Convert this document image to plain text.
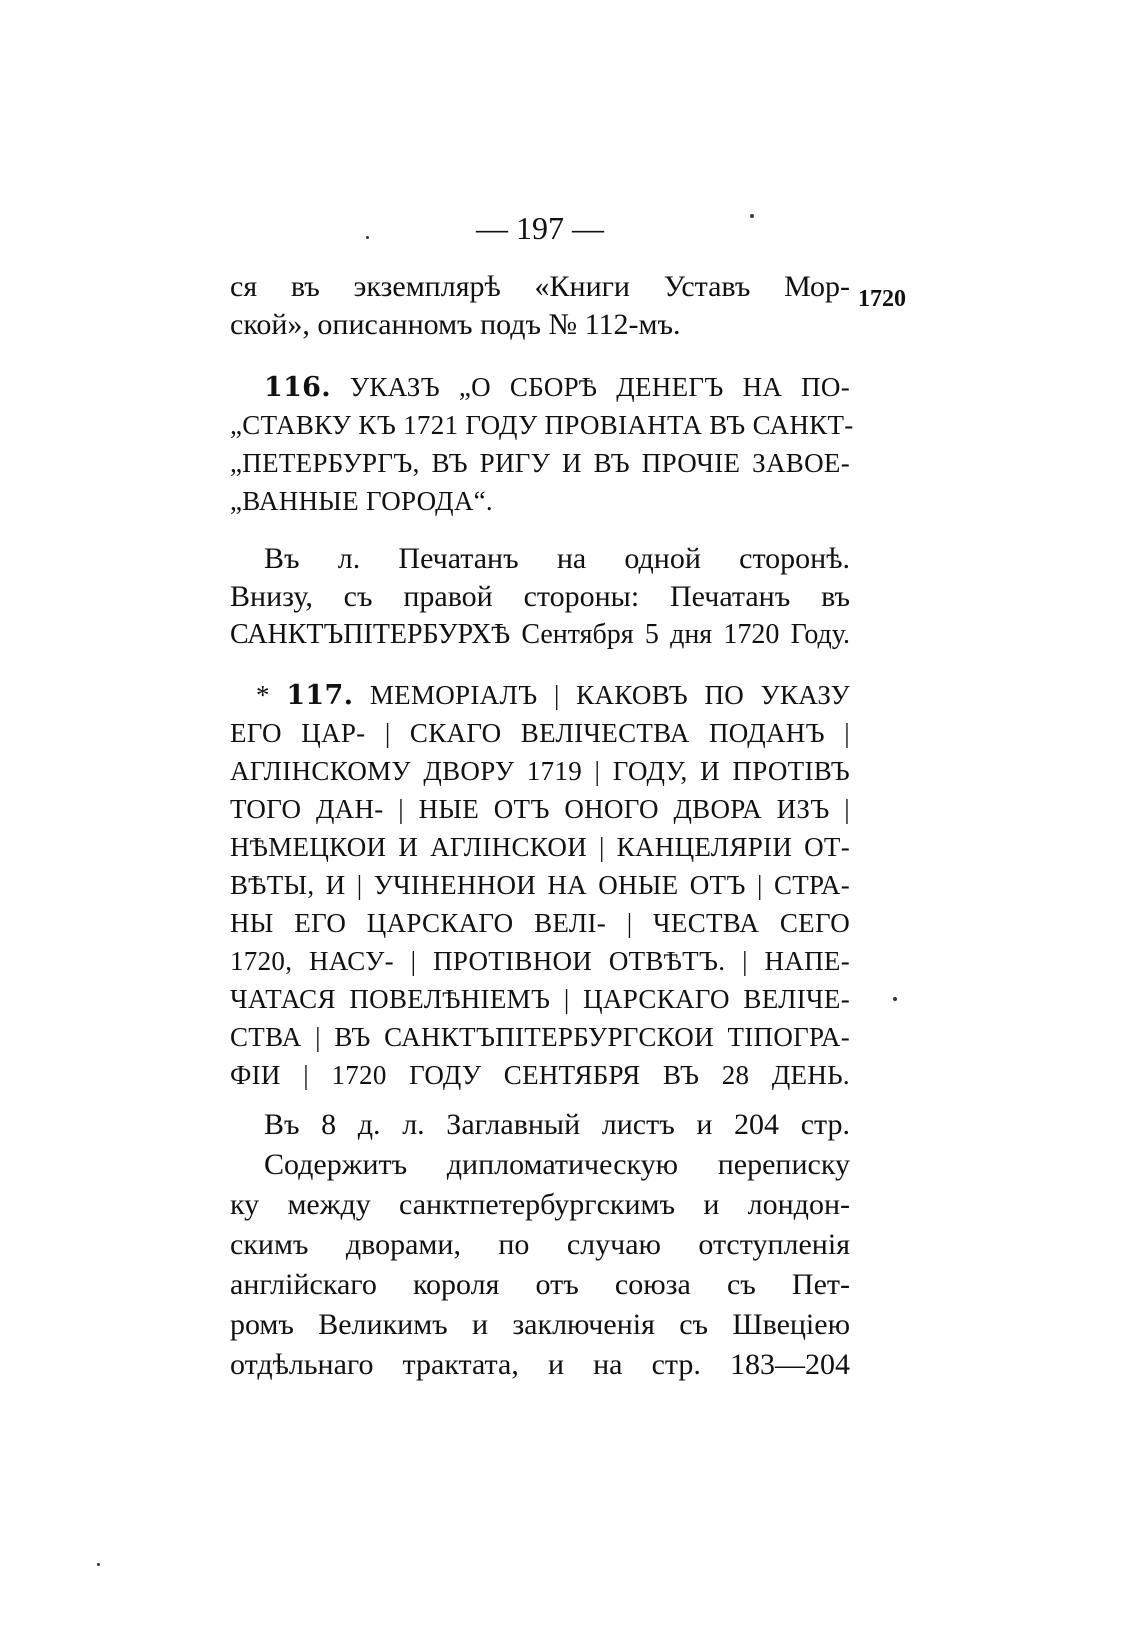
— 197 —
1720
ся въ экземплярѣ «Книги Уставъ Мор-
ской», описанномъ подъ № 112-мъ.
116. УКАЗЪ „О СБОРѢ ДЕНЕГЪ НА ПО-
„СТАВКУ КЪ 1721 ГОДУ ПРОВІАНТА ВЪ САНКТ-
„ПЕТЕРБУРГЪ, ВЪ РИГУ И ВЪ ПРОЧІЕ ЗАВОЕ-
„ВАННЫЕ ГОРОДА“.
Въ л. Печатанъ на одной сторонѣ.
Внизу, съ правой стороны: Печатанъ въ
САНКТЪПІТЕРБУРХѢ Сентября 5 дня 1720 Году.
* 117. МЕМОРІАЛЪ | КАКОВЪ ПО УКАЗУ
ЕГО ЦАР- | СКАГО ВЕЛІЧЕСТВА ПОДАНЪ |
АГЛІНСКОМУ ДВОРУ 1719 | ГОДУ, И ПРОТІВЪ
ТОГО ДАН- | НЫЕ ОТЪ ОНОГО ДВОРА ИЗЪ |
НѢМЕЦКОИ И АГЛІНСКОИ | КАНЦЕЛЯРІИ ОТ-
ВѢТЫ, И | УЧІНЕННОИ НА ОНЫЕ ОТЪ | СТРА-
НЫ ЕГО ЦАРСКАГО ВЕЛІ- | ЧЕСТВА СЕГО
1720, НАСУ- | ПРОТІВНОИ ОТВѢТЪ. | НАПЕ-
ЧАТАСЯ ПОВЕЛѢНІЕМЪ | ЦАРСКАГО ВЕЛІЧЕ-
СТВА | ВЪ САНКТЪПІТЕРБУРГСКОИ ТІПОГРА-
ФІИ | 1720 ГОДУ СЕНТЯБРЯ ВЪ 28 ДЕНЬ.
Въ 8 д. л. Заглавный листъ и 204 стр.
Содержитъ дипломатическую переписку
ку между санктпетербургскимъ и лондон-
скимъ дворами, по случаю отступленія
англійскаго короля отъ союза съ Пет-
ромъ Великимъ и заключенія съ Швеціею
отдѣльнаго трактата, и на стр. 183—204
